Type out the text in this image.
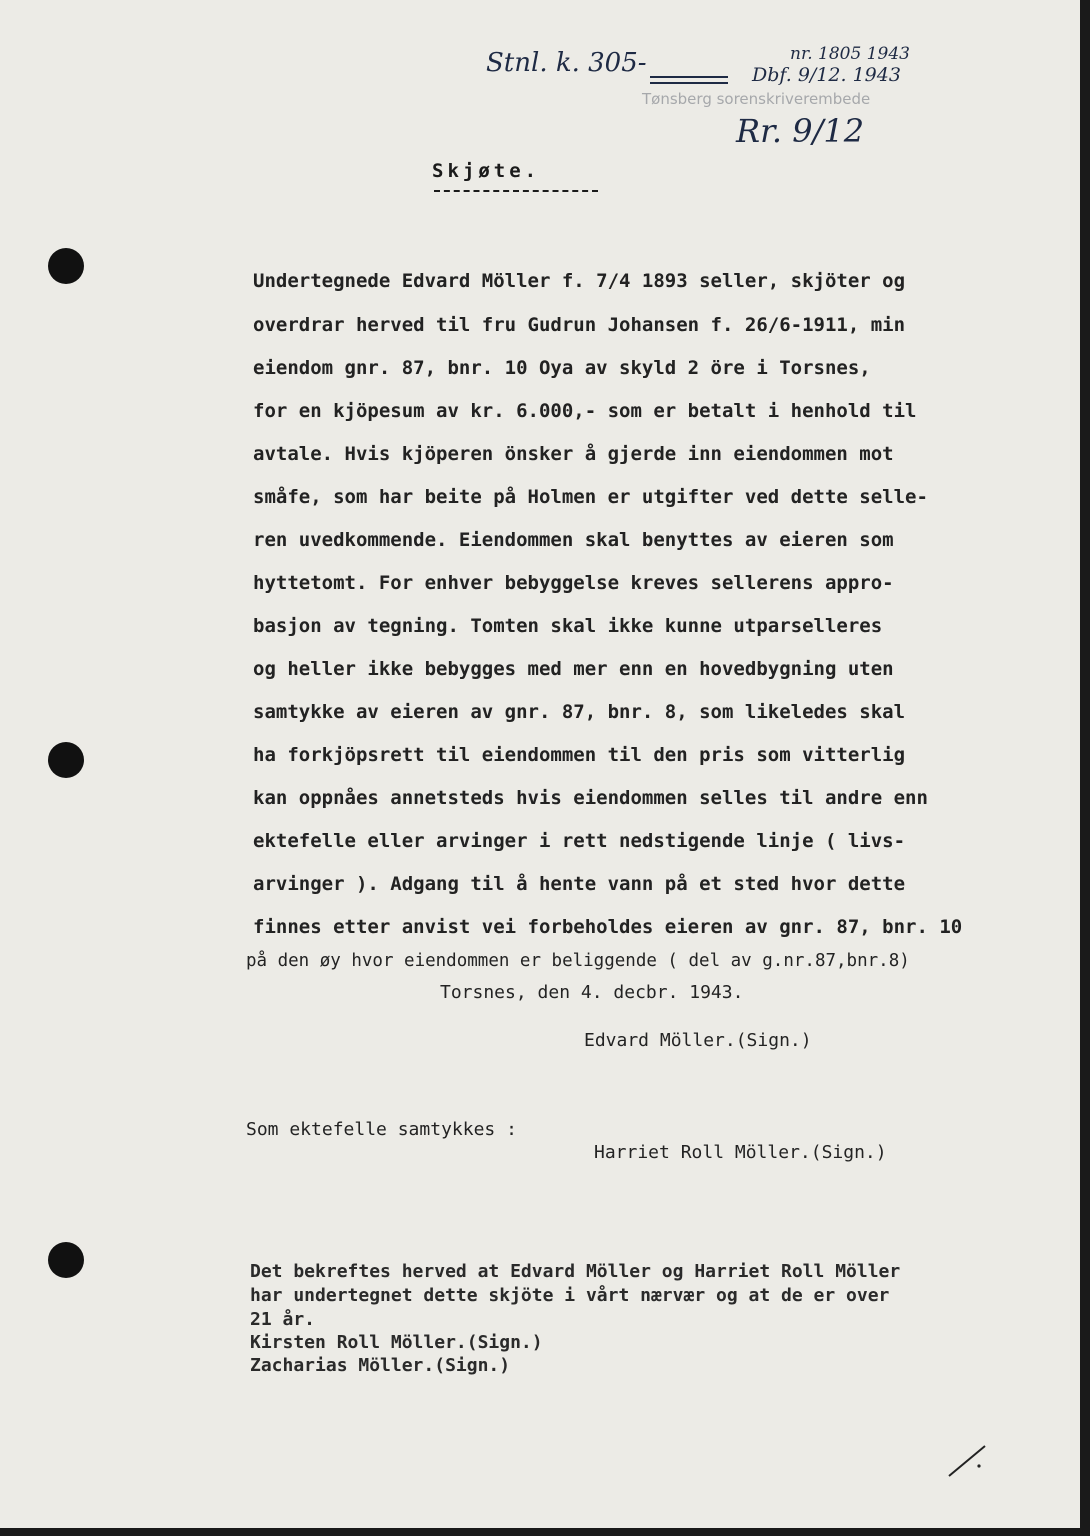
Stnl. k. 305-	nr. 1805 1943
Dbf. 9/12. 1943
Tønsberg sorenskriverembede
Rr. 9/12
Skjøte.
Undertegnede Edvard Möller f. 7/4 1893 seller, skjöter og
overdrar herved til fru Gudrun Johansen f. 26/6-1911, min
eiendom gnr. 87, bnr. 10 Oya av skyld 2 öre i Torsnes,
for en kjöpesum av kr. 6.000,- som er betalt i henhold til
avtale. Hvis kjöperen önsker å gjerde inn eiendommen mot
småfe, som har beite på Holmen er utgifter ved dette selle-
ren uvedkommende. Eiendommen skal benyttes av eieren som
hyttetomt. For enhver bebyggelse kreves sellerens appro-
basjon av tegning. Tomten skal ikke kunne utparselleres
og heller ikke bebygges med mer enn en hovedbygning uten
samtykke av eieren av gnr. 87, bnr. 8, som likeledes skal
ha forkjöpsrett til eiendommen til den pris som vitterlig
kan oppnåes annetsteds hvis eiendommen selles til andre enn
ektefelle eller arvinger i rett nedstigende linje ( livs-
arvinger ). Adgang til å hente vann på et sted hvor dette
finnes etter anvist vei forbeholdes eieren av gnr. 87, bnr. 10
på den øy hvor eiendommen er beliggende ( del av g.nr.87,bnr.8)
Torsnes, den 4. decbr. 1943.
Edvard Möller.(Sign.)
Som ektefelle samtykkes :
Harriet Roll Möller.(Sign.)
Det bekreftes herved at Edvard Möller og Harriet Roll Möller
har undertegnet dette skjöte i vårt nærvær og at de er over
21 år.
Kirsten Roll Möller.(Sign.)
Zacharias Möller.(Sign.)
